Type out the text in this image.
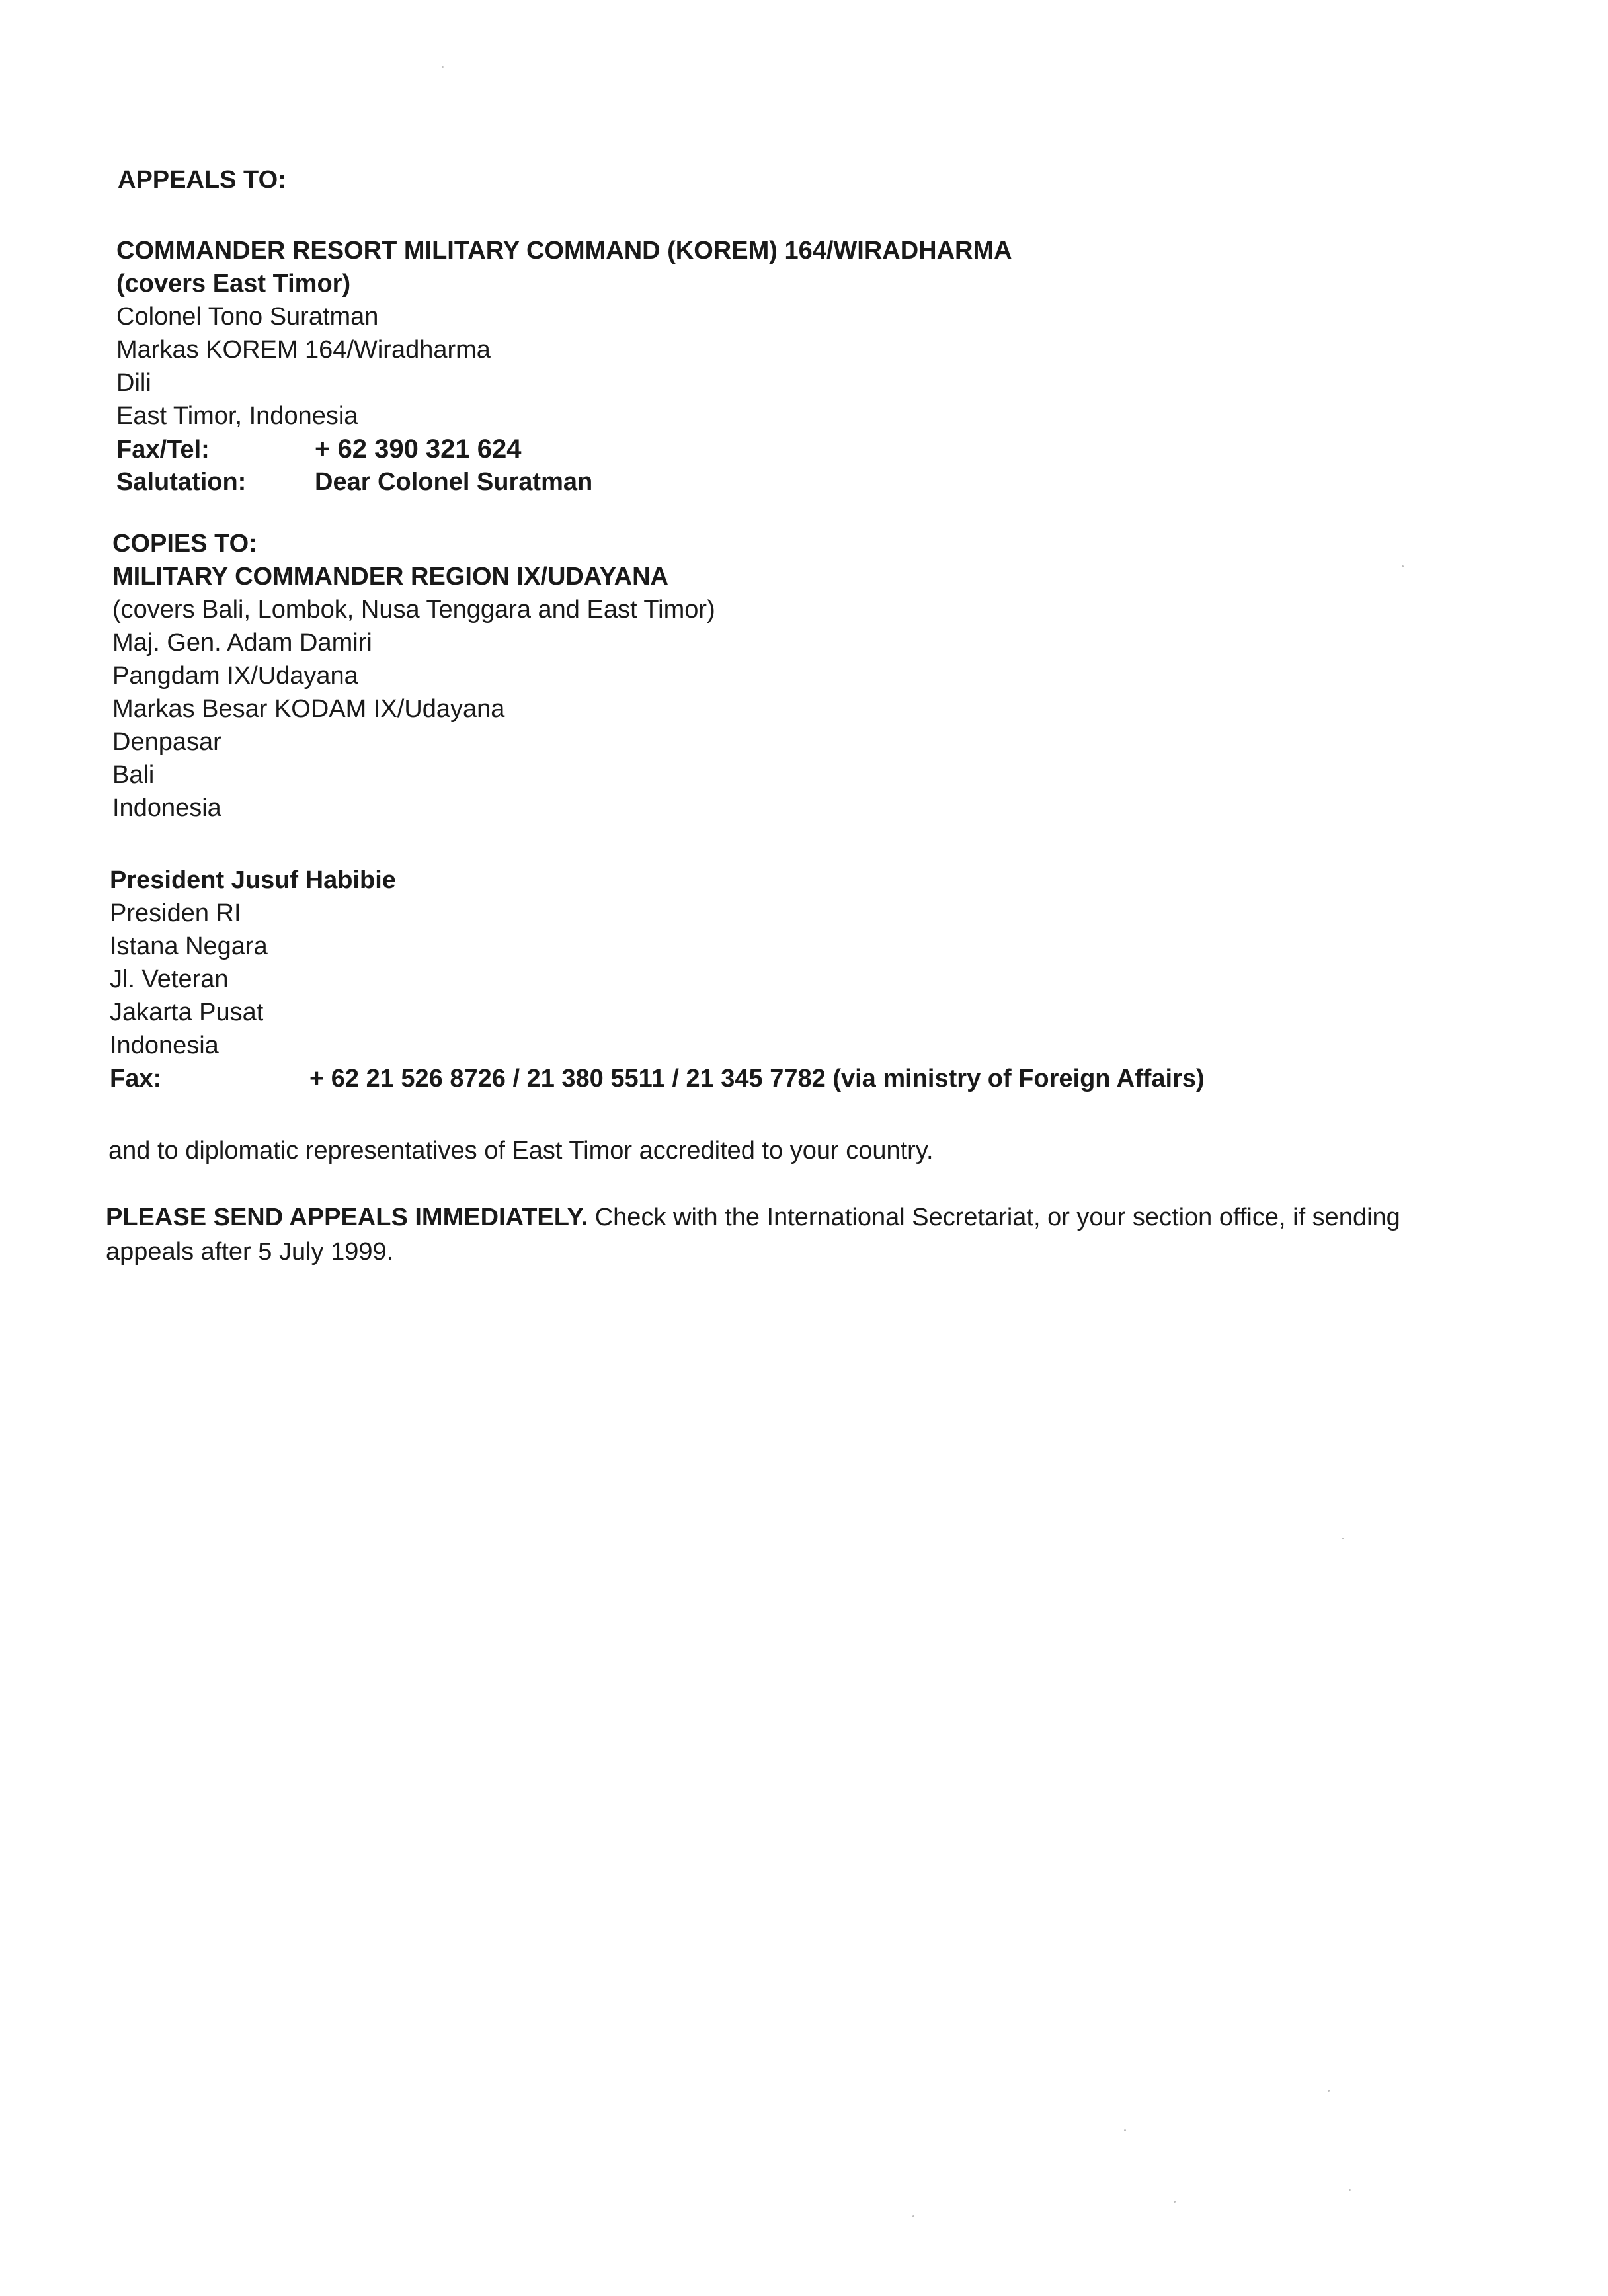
APPEALS TO:
COMMANDER RESORT MILITARY COMMAND (KOREM) 164/WIRADHARMA
(covers East Timor)
Colonel Tono Suratman
Markas KOREM 164/Wiradharma
Dili
East Timor, Indonesia
Fax/Tel:	+ 62 390 321 624
Salutation:	Dear Colonel Suratman
COPIES TO:
MILITARY COMMANDER REGION IX/UDAYANA
(covers Bali, Lombok, Nusa Tenggara and East Timor)
Maj. Gen. Adam Damiri
Pangdam IX/Udayana
Markas Besar KODAM IX/Udayana
Denpasar
Bali
Indonesia
President Jusuf Habibie
Presiden RI
Istana Negara
Jl. Veteran
Jakarta Pusat
Indonesia
Fax:	+ 62 21 526 8726 / 21 380 5511 / 21 345 7782 (via ministry of Foreign Affairs)
and to diplomatic representatives of East Timor accredited to your country.
PLEASE SEND APPEALS IMMEDIATELY. Check with the International Secretariat, or your section office, if sending appeals after 5 July 1999.
